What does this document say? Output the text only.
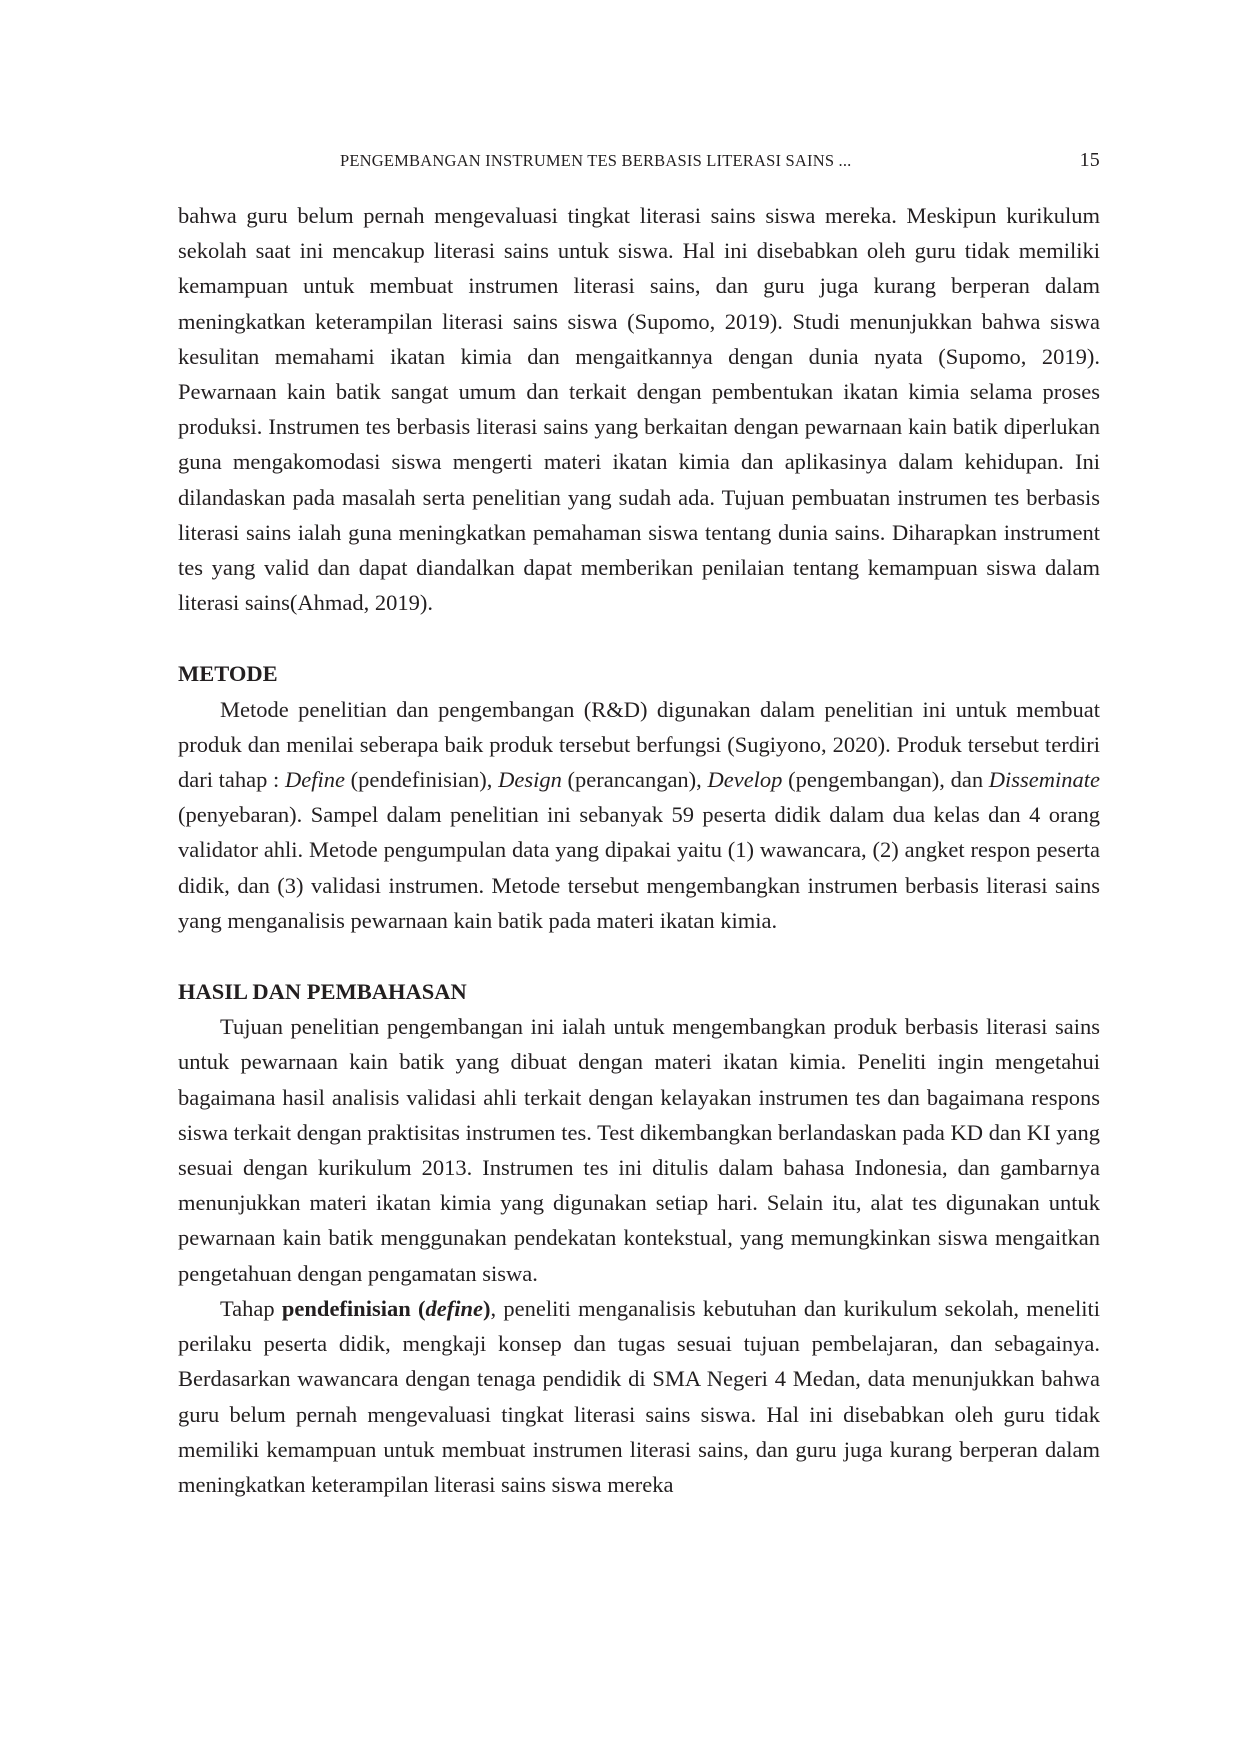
PENGEMBANGAN INSTRUMEN TES BERBASIS LITERASI SAINS ...	15

bahwa guru belum pernah mengevaluasi tingkat literasi sains siswa mereka. Meskipun kurikulum sekolah saat ini mencakup literasi sains untuk siswa. Hal ini disebabkan oleh guru tidak memiliki kemampuan untuk membuat instrumen literasi sains, dan guru juga kurang berperan dalam meningkatkan keterampilan literasi sains siswa (Supomo, 2019). Studi menunjukkan bahwa siswa kesulitan memahami ikatan kimia dan mengaitkannya dengan dunia nyata (Supomo, 2019). Pewarnaan kain batik sangat umum dan terkait dengan pembentukan ikatan kimia selama proses produksi. Instrumen tes berbasis literasi sains yang berkaitan dengan pewarnaan kain batik diperlukan guna mengakomodasi siswa mengerti materi ikatan kimia dan aplikasinya dalam kehidupan. Ini dilandaskan pada masalah serta penelitian yang sudah ada. Tujuan pembuatan instrumen tes berbasis literasi sains ialah guna meningkatkan pemahaman siswa tentang dunia sains. Diharapkan instrument tes yang valid dan dapat diandalkan dapat memberikan penilaian tentang kemampuan siswa dalam literasi sains(Ahmad, 2019).

METODE

Metode penelitian dan pengembangan (R&D) digunakan dalam penelitian ini untuk membuat produk dan menilai seberapa baik produk tersebut berfungsi (Sugiyono, 2020). Produk tersebut terdiri dari tahap : Define (pendefinisian), Design (perancangan), Develop (pengembangan), dan Disseminate (penyebaran). Sampel dalam penelitian ini sebanyak 59 peserta didik dalam dua kelas dan 4 orang validator ahli. Metode pengumpulan data yang dipakai yaitu (1) wawancara, (2) angket respon peserta didik, dan (3) validasi instrumen. Metode tersebut mengembangkan instrumen berbasis literasi sains yang menganalisis pewarnaan kain batik pada materi ikatan kimia.

HASIL DAN PEMBAHASAN

Tujuan penelitian pengembangan ini ialah untuk mengembangkan produk berbasis literasi sains untuk pewarnaan kain batik yang dibuat dengan materi ikatan kimia. Peneliti ingin mengetahui bagaimana hasil analisis validasi ahli terkait dengan kelayakan instrumen tes dan bagaimana respons siswa terkait dengan praktisitas instrumen tes. Test dikembangkan berlandaskan pada KD dan KI yang sesuai dengan kurikulum 2013. Instrumen tes ini ditulis dalam bahasa Indonesia, dan gambarnya menunjukkan materi ikatan kimia yang digunakan setiap hari. Selain itu, alat tes digunakan untuk pewarnaan kain batik menggunakan pendekatan kontekstual, yang memungkinkan siswa mengaitkan pengetahuan dengan pengamatan siswa.

Tahap pendefinisian (define), peneliti menganalisis kebutuhan dan kurikulum sekolah, meneliti perilaku peserta didik, mengkaji konsep dan tugas sesuai tujuan pembelajaran, dan sebagainya. Berdasarkan wawancara dengan tenaga pendidik di SMA Negeri 4 Medan, data menunjukkan bahwa guru belum pernah mengevaluasi tingkat literasi sains siswa. Hal ini disebabkan oleh guru tidak memiliki kemampuan untuk membuat instrumen literasi sains, dan guru juga kurang berperan dalam meningkatkan keterampilan literasi sains siswa mereka
